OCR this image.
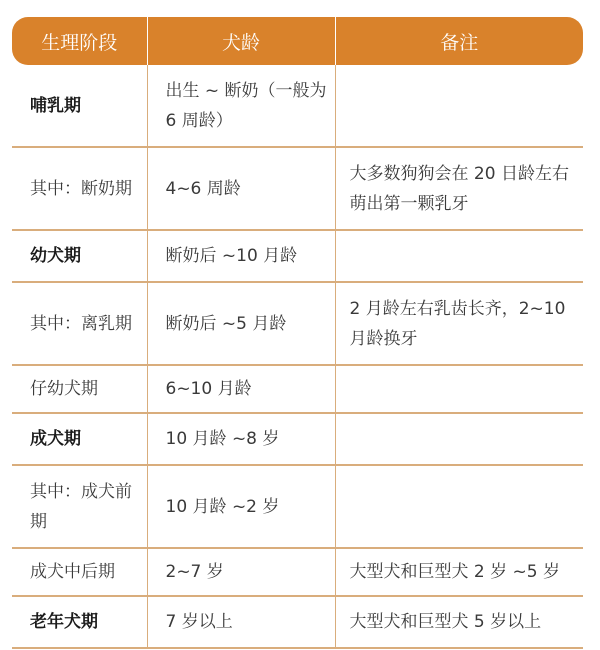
生理阶段	犬龄	备注
哺乳期	出生 ~ 断奶（一般为 6 周龄）	
其中：断奶期	4~6 周龄	大多数狗狗会在 20 日龄左右萌出第一颗乳牙
幼犬期	断奶后 ~10 月龄	
其中：离乳期	断奶后 ~5 月龄	2 月龄左右乳齿长齐，2~10 月龄换牙
仔幼犬期	6~10 月龄	
成犬期	10 月龄 ~8 岁	
其中：成犬前期	10 月龄 ~2 岁	
成犬中后期	2~7 岁	大型犬和巨型犬 2 岁 ~5 岁
老年犬期	7 岁以上	大型犬和巨型犬 5 岁以上
